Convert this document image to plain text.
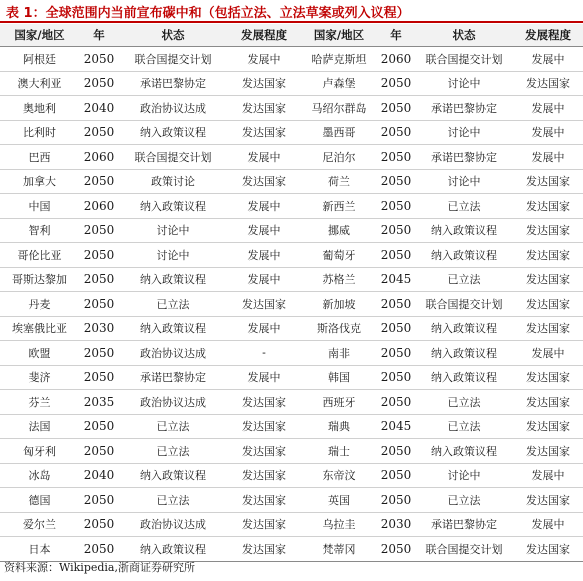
表 1：全球范围内当前宣布碳中和（包括立法、立法草案或列入议程）
国家/地区	年	状态	发展程度	国家/地区	年	状态	发展程度
阿根廷	2050	联合国提交计划	发展中	哈萨克斯坦	2060	联合国提交计划	发展中
澳大利亚	2050	承诺巴黎协定	发达国家	卢森堡	2050	讨论中	发达国家
奥地利	2040	政治协议达成	发达国家	马绍尔群岛	2050	承诺巴黎协定	发展中
比利时	2050	纳入政策议程	发达国家	墨西哥	2050	讨论中	发展中
巴西	2060	联合国提交计划	发展中	尼泊尔	2050	承诺巴黎协定	发展中
加拿大	2050	政策讨论	发达国家	荷兰	2050	讨论中	发达国家
中国	2060	纳入政策议程	发展中	新西兰	2050	已立法	发达国家
智利	2050	讨论中	发展中	挪威	2050	纳入政策议程	发达国家
哥伦比亚	2050	讨论中	发展中	葡萄牙	2050	纳入政策议程	发达国家
哥斯达黎加	2050	纳入政策议程	发展中	苏格兰	2045	已立法	发达国家
丹麦	2050	已立法	发达国家	新加坡	2050	联合国提交计划	发达国家
埃塞俄比亚	2030	纳入政策议程	发展中	斯洛伐克	2050	纳入政策议程	发达国家
欧盟	2050	政治协议达成	-	南非	2050	纳入政策议程	发展中
斐济	2050	承诺巴黎协定	发展中	韩国	2050	纳入政策议程	发达国家
芬兰	2035	政治协议达成	发达国家	西班牙	2050	已立法	发达国家
法国	2050	已立法	发达国家	瑞典	2045	已立法	发达国家
匈牙利	2050	已立法	发达国家	瑞士	2050	纳入政策议程	发达国家
冰岛	2040	纳入政策议程	发达国家	东帝汶	2050	讨论中	发展中
德国	2050	已立法	发达国家	英国	2050	已立法	发达国家
爱尔兰	2050	政治协议达成	发达国家	乌拉圭	2030	承诺巴黎协定	发展中
日本	2050	纳入政策议程	发达国家	梵蒂冈	2050	联合国提交计划	发达国家
资料来源：Wikipedia,浙商证券研究所
